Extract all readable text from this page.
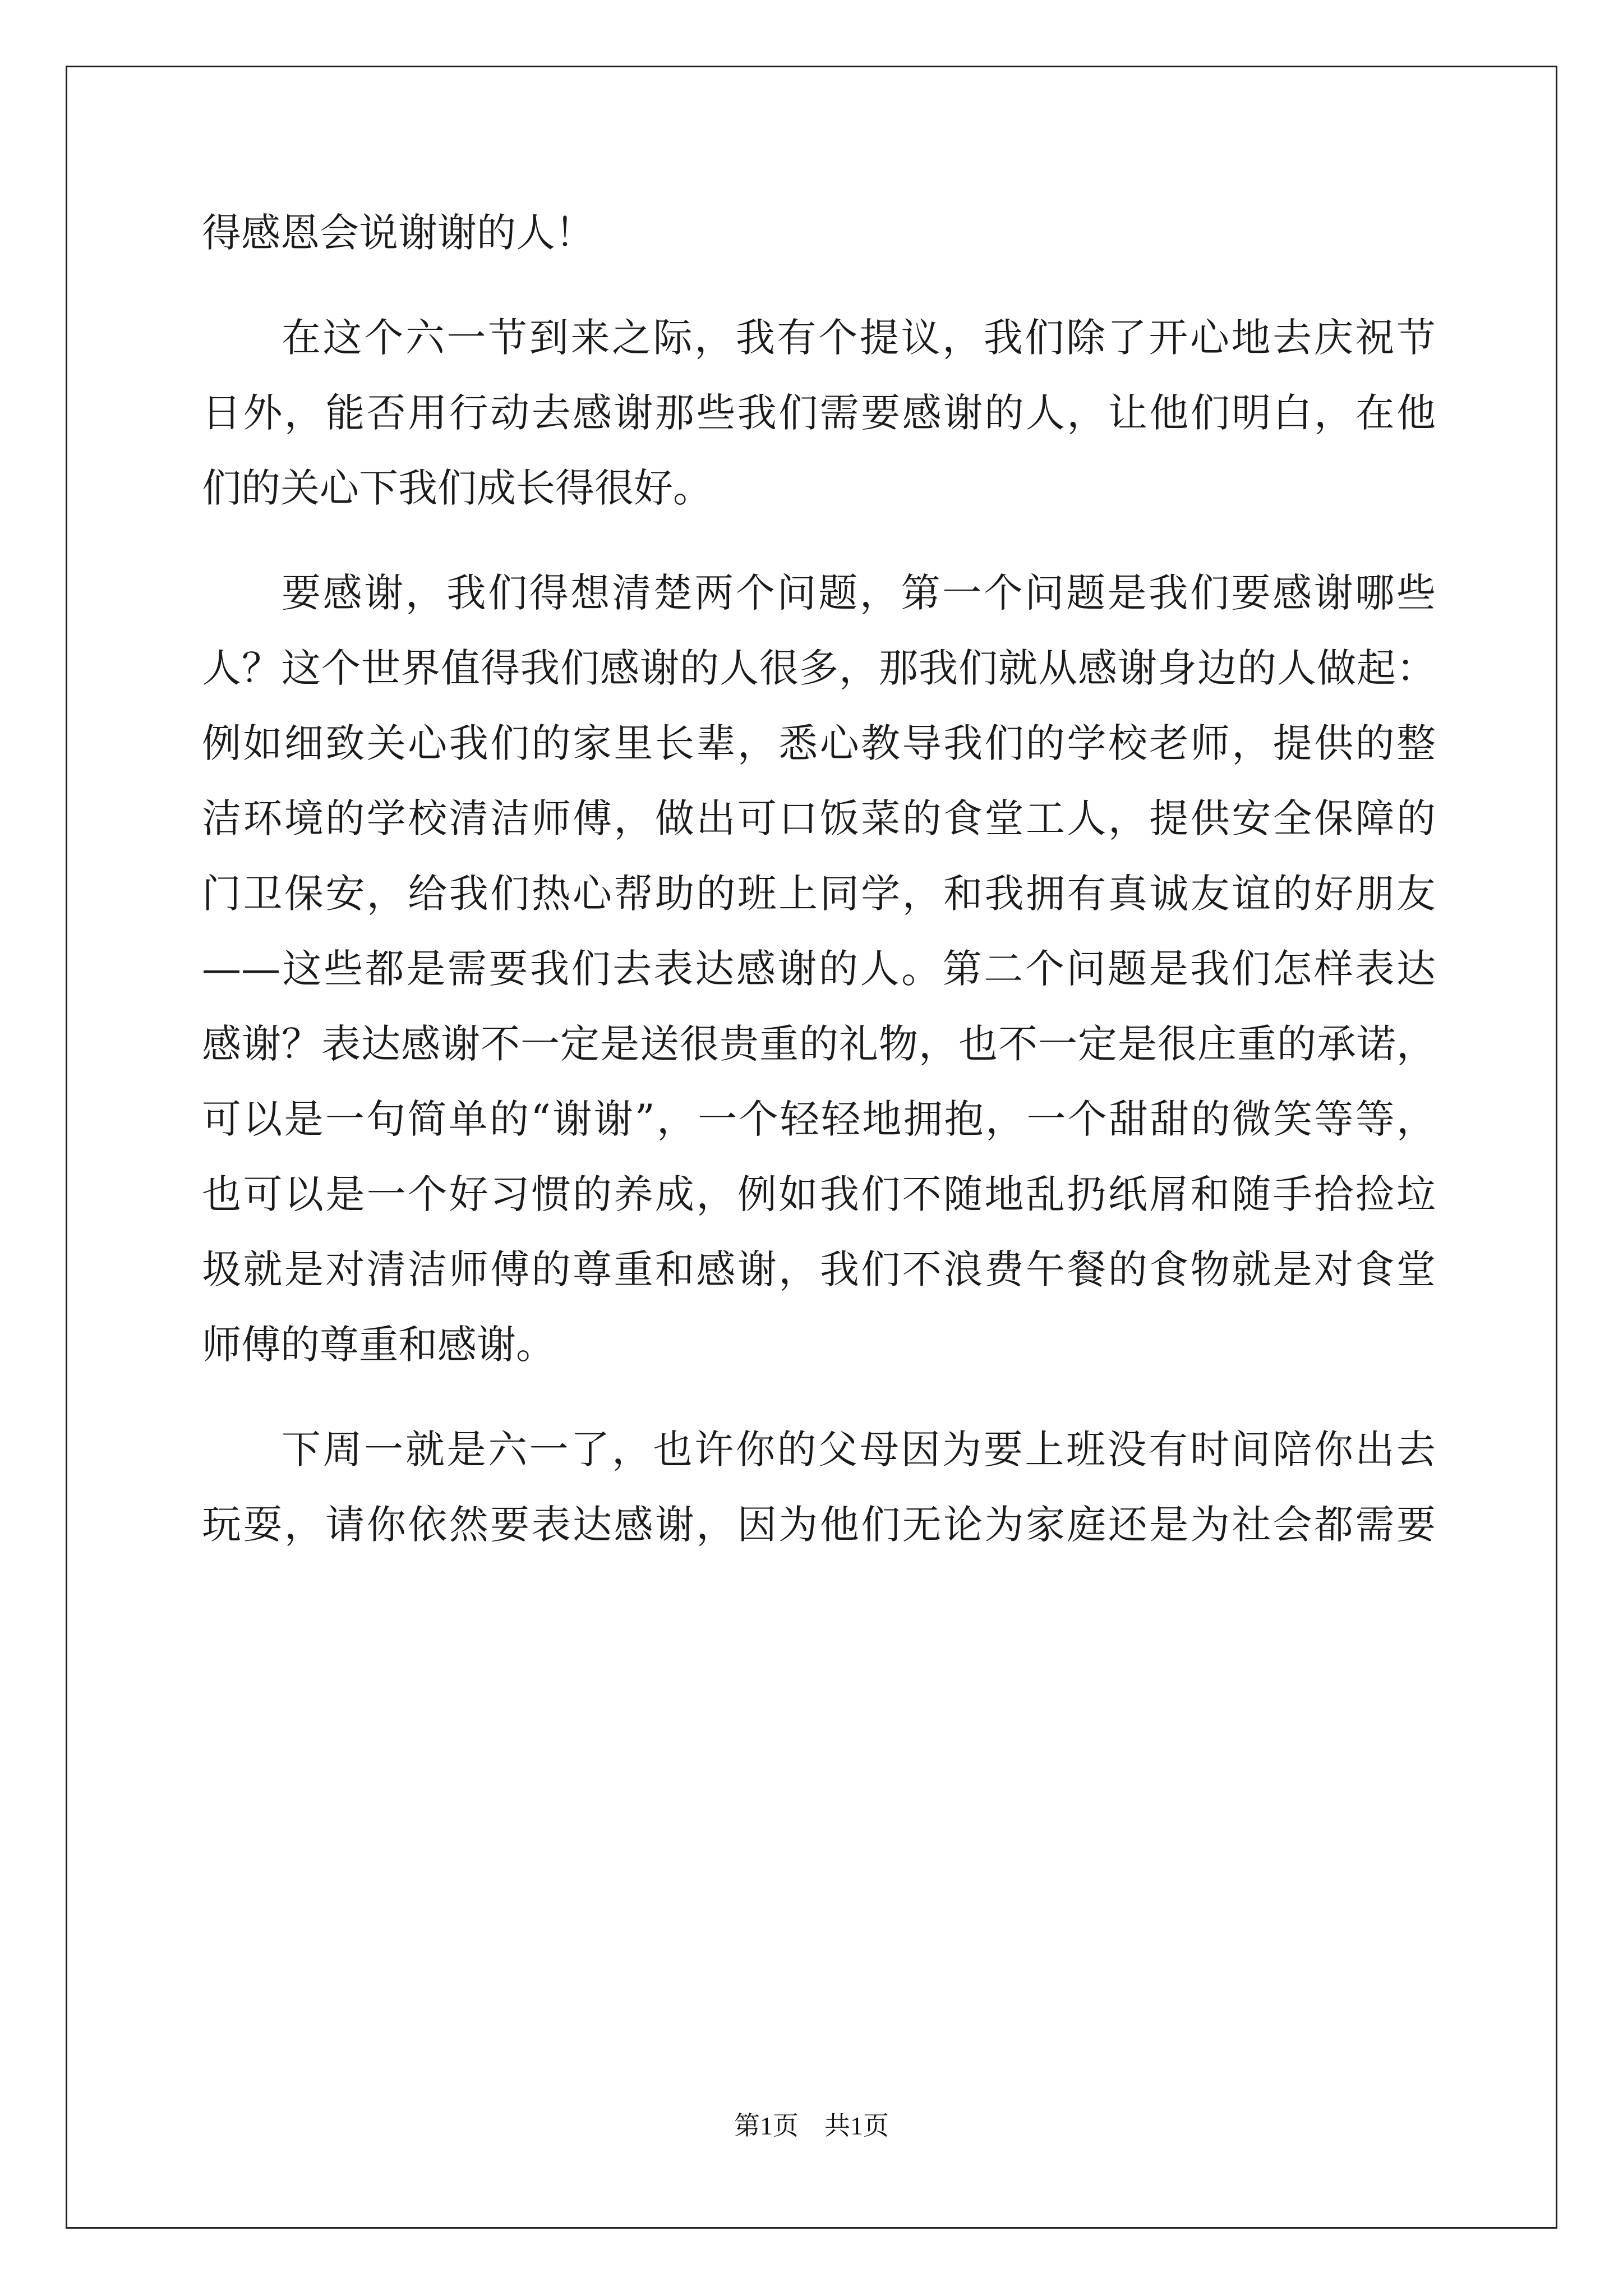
得感恩会说谢谢的人！
在这个六一节到来之际，我有个提议，我们除了开心地去庆祝节
日外，能否用行动去感谢那些我们需要感谢的人，让他们明白，在他
们的关心下我们成长得很好。
要感谢，我们得想清楚两个问题，第一个问题是我们要感谢哪些
人？这个世界值得我们感谢的人很多，那我们就从感谢身边的人做起：
例如细致关心我们的家里长辈，悉心教导我们的学校老师，提供的整
洁环境的学校清洁师傅，做出可口饭菜的食堂工人，提供安全保障的
门卫保安，给我们热心帮助的班上同学，和我拥有真诚友谊的好朋友
——这些都是需要我们去表达感谢的人。第二个问题是我们怎样表达
感谢？表达感谢不一定是送很贵重的礼物，也不一定是很庄重的承诺，
可以是一句简单的“谢谢”，一个轻轻地拥抱，一个甜甜的微笑等等，
也可以是一个好习惯的养成，例如我们不随地乱扔纸屑和随手拾捡垃
圾就是对清洁师傅的尊重和感谢，我们不浪费午餐的食物就是对食堂
师傅的尊重和感谢。
下周一就是六一了，也许你的父母因为要上班没有时间陪你出去
玩耍，请你依然要表达感谢，因为他们无论为家庭还是为社会都需要
第1页　共1页
